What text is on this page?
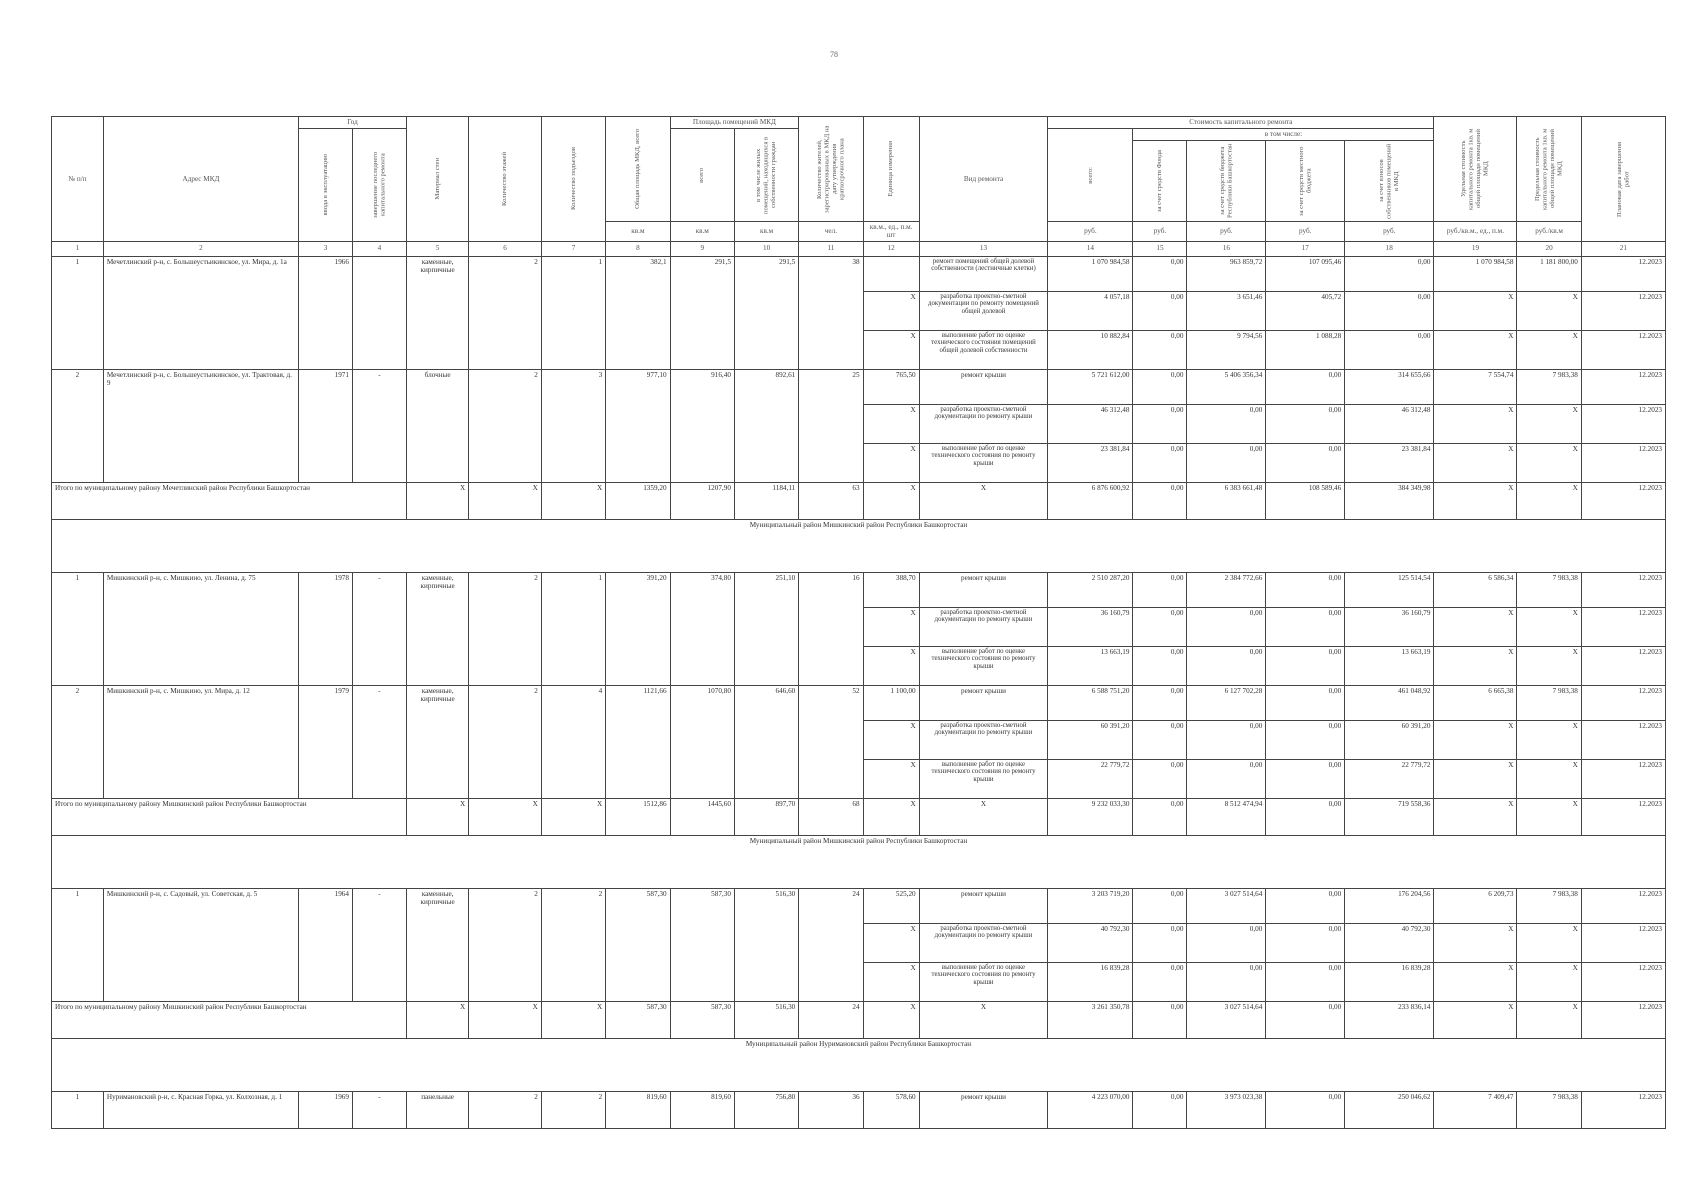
78
№ п/п	Адрес МКД	Год		Материал стен	Количество этажей	Количество подъездов	Общая площадь МКД, всего	Площадь помещений МКД		Количество жителей, зарегистрированных в МКД на дату утверждения краткосрочного плана	Единица измерения	Вид ремонта	Стоимость капитального ремонта					Удельная стоимость капитального ремонта 1кв. м общей площади помещений МКД	Предельная стоимость капитального ремонта 1кв. м общей площади помещений МКД	Плановая дата завершения работ

		ввода в эксплуатацию	завершение последнего капитального ремонта					всего	в том числе жилых помещений, находящихся в собственности граждан				всего:	в том числе:						

														за счет средств Фонда	за счет средств бюджета Республики Башкортостан	за счет средств местного бюджета	за счет взносов собственников помещений в МКД			

							кв.м	кв.м	кв.м	чел.	кв.м., ед., п.м. шт		руб.	руб.	руб.	руб.	руб.	руб./кв.м., ед., п.м.	руб./кв.м	
1	2	3	4	5	6	7	8	9	10	11	12	13	14	15	16	17	18	19	20	21
1	Мечетлинский р-н, с. Большеустьикинское, ул. Мира, д. 1а	1966		каменные, кирпичные	2	1	382,1	291,5	291,5	38		ремонт помещений общей долевой собственности (лестничные клетки)	1 070 984,58	0,00	963 859,72	107 095,46	0,00	1 070 984,58	1 181 800,00	12.2023
											Х	разработка проектно-сметной документации по ремонту помещений общей долевой	4 057,18	0,00	3 651,46	405,72	0,00	Х	Х	12.2023
											Х	выполнение работ по оценке технического состояния помещений общей долевой собственности	10 882,84	0,00	9 794,56	1 088,28	0,00	Х	Х	12.2023
2	Мечетлинский р-н, с. Большеустьикинское, ул. Трактовая, д. 9	1971	-	блочные	2	3	977,10	916,40	892,61	25	765,50	ремонт крыши	5 721 612,00	0,00	5 406 356,34	0,00	314 655,66	7 554,74	7 983,38	12.2023
											Х	разработка проектно-сметной документации по ремонту крыши	46 312,48	0,00	0,00	0,00	46 312,48	Х	Х	12.2023
											Х	выполнение работ по оценке технического состояния по ремонту крыши	23 381,84	0,00	0,00	0,00	23 381,84	Х	Х	12.2023
Итого по муниципальному району Мечетлинский район Республики Башкортостан				Х	Х	Х	1359,20	1207,90	1184,11	63	Х	Х	6 876 600,92	0,00	6 383 661,48	108 589,46	384 349,98	Х	Х	12.2023
Муниципальный район Мишкинский район Республики Башкортостан																				
1	Мишкинский р-н, с. Мишкино, ул. Ленина, д. 75	1978	-	каменные, кирпичные	2	1	391,20	374,80	251,10	16	388,70	ремонт крыши	2 510 287,20	0,00	2 384 772,66	0,00	125 514,54	6 586,34	7 983,38	12.2023
											Х	разработка проектно-сметной документации по ремонту крыши	36 160,79	0,00	0,00	0,00	36 160,79	Х	Х	12.2023
											Х	выполнение работ по оценке технического состояния по ремонту крыши	13 663,19	0,00	0,00	0,00	13 663,19	Х	Х	12.2023
2	Мишкинский р-н, с. Мишкино, ул. Мира, д. 12	1979	-	каменные, кирпичные	2	4	1121,66	1070,80	646,60	52	1 100,00	ремонт крыши	6 588 751,20	0,00	6 127 702,28	0,00	461 048,92	6 665,38	7 983,38	12.2023
											Х	разработка проектно-сметной документации по ремонту крыши	60 391,20	0,00	0,00	0,00	60 391,20	Х	Х	12.2023
											Х	выполнение работ по оценке технического состояния по ремонту крыши	22 779,72	0,00	0,00	0,00	22 779,72	Х	Х	12.2023
Итого по муниципальному району Мишкинский район Республики Башкортостан				Х	Х	Х	1512,86	1445,60	897,70	68	Х	Х	9 232 033,30	0,00	8 512 474,94	0,00	719 558,36	Х	Х	12.2023
Муниципальный район Мишкинский район Республики Башкортостан																				
1	Мишкинский р-н, с. Садовый, ул. Советская, д. 5	1964	-	каменные, кирпичные	2	2	587,30	587,30	516,30	24	525,20	ремонт крыши	3 203 719,20	0,00	3 027 514,64	0,00	176 204,56	6 209,73	7 983,38	12.2023
											Х	разработка проектно-сметной документации по ремонту крыши	40 792,30	0,00	0,00	0,00	40 792,30	Х	Х	12.2023
											Х	выполнение работ по оценке технического состояния по ремонту крыши	16 839,28	0,00	0,00	0,00	16 839,28	Х	Х	12.2023
Итого по муниципальному району Мишкинский район Республики Башкортостан				Х	Х	Х	587,30	587,30	516,30	24	Х	Х	3 261 350,78	0,00	3 027 514,64	0,00	233 836,14	Х	Х	12.2023
Муниципальный район Нуримановский район Республики Башкортостан																				
1	Нуримановский р-н, с. Красная Горка, ул. Колхозная, д. 1	1969	-	панельные	2	2	819,60	819,60	756,80	36	578,60	ремонт крыши	4 223 070,00	0,00	3 973 023,38	0,00	250 046,62	7 409,47	7 983,38	12.2023
